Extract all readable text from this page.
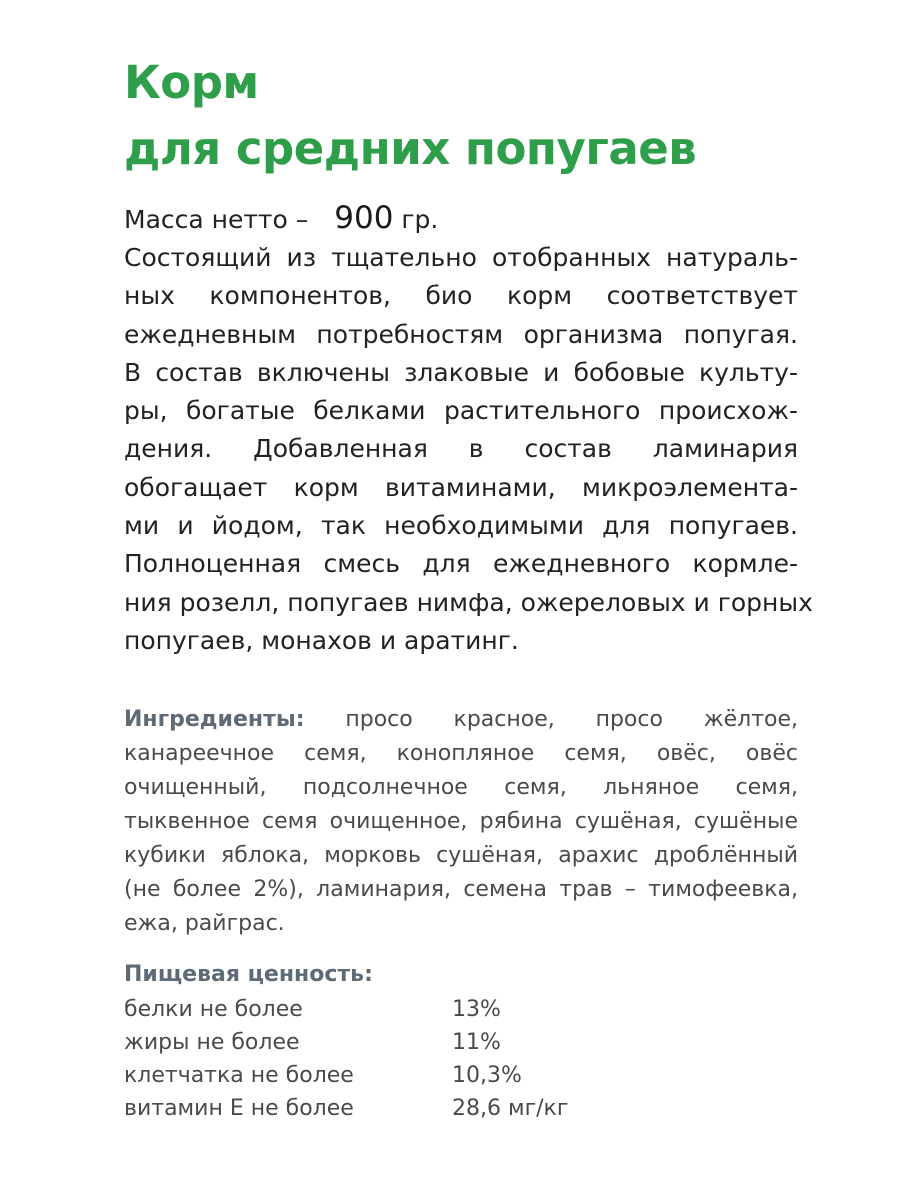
Корм
для средних попугаев
Масса нетто – 900 гр.
Состоящий из тщательно отобранных натураль-
ных компонентов, био корм соответствует
ежедневным потребностям организма попугая.
В состав включены злаковые и бобовые культу-
ры, богатые белками растительного происхож-
дения. Добавленная в состав ламинария
обогащает корм витаминами, микроэлемента-
ми и йодом, так необходимыми для попугаев.
Полноценная смесь для ежедневного кормле-
ния розелл, попугаев нимфа, ожереловых и горных
попугаев, монахов и аратинг.
Ингредиенты: просо красное, просо жёлтое,
канареечное семя, конопляное семя, овёс, овёс
очищенный, подсолнечное семя, льняное семя,
тыквенное семя очищенное, рябина сушёная, сушёные
кубики яблока, морковь сушёная, арахис дроблённый
(не более 2%), ламинария, семена трав – тимофеевка,
ежа, райграс.
Пищевая ценность:
белки не более	13%
жиры не более	11%
клетчатка не более	10,3%
витамин Е не более	28,6 мг/кг
